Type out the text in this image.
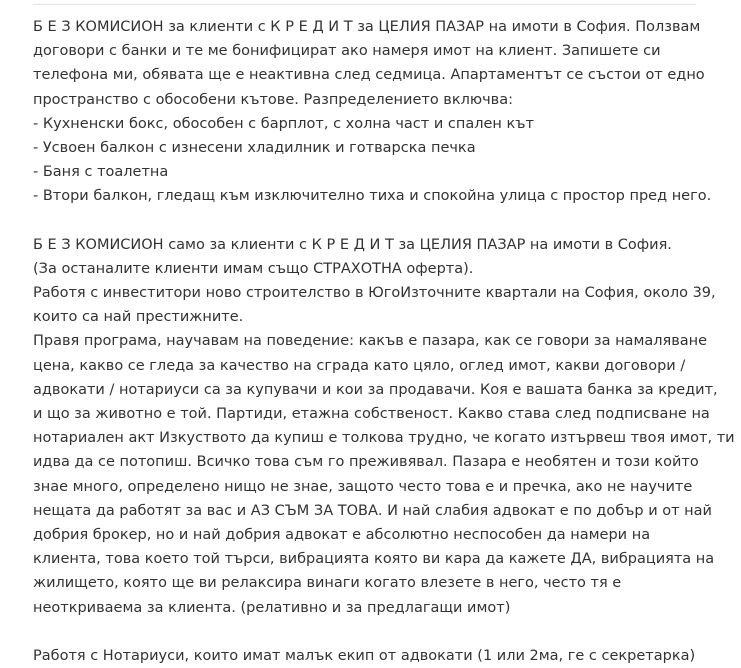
Б Е З КОМИСИОН за клиенти с К Р Е Д И Т за ЦЕЛИЯ ПАЗАР на имоти в София. Ползвам
договори с банки и те ме бонифицират ако намеря имот на клиент. Запишете си
телефона ми, обявата ще е неактивна след седмица. Апартаментът се състои от едно
пространство с обособени кътове. Разпределението включва:
- Кухненски бокс, обособен с барплот, с холна част и спален кът
- Усвоен балкон с изнесени хладилник и готварска печка
- Баня с тоалетна
- Втори балкон, гледащ към изключително тиха и спокойна улица с простор пред него.
Б Е З КОМИСИОН само за клиенти с К Р Е Д И Т за ЦЕЛИЯ ПАЗАР на имоти в София.
(За останалите клиенти имам също СТРАХОТНА оферта).
Работя с инвеститори ново строителство в ЮгоИзточните квартали на София, около 39,
които са най престижните.
Правя програма, научавам на поведение: какъв е пазара, как се говори за намаляване
цена, какво се гледа за качество на сграда като цяло, оглед имот, какви договори /
адвокати / нотариуси са за купувачи и кои за продавачи. Коя е вашата банка за кредит,
и що за животно е той. Партиди, етажна собственост. Какво става след подписване на
нотариален акт Изкуството да купиш е толкова трудно, че когато изтървеш твоя имот, ти
идва да се потопиш. Всичко това съм го преживявал. Пазара е необятен и този който
знае много, определено нищо не знае, защото често това е и пречка, ако не научите
нещата да работят за вас и АЗ СЪМ ЗА ТОВА. И най слабия адвокат е по добър и от най
добрия брокер, но и най добрия адвокат е абсолютно неспособен да намери на
клиента, това което той търси, вибрацията която ви кара да кажете ДА, вибрацията на
жилището, която ще ви релаксира винаги когато влезете в него, често тя е
неоткриваема за клиента. (релативно и за предлагащи имот)
Работя с Нотариуси, които имат малък екип от адвокати (1 или 2ма, ге с секретарка)
